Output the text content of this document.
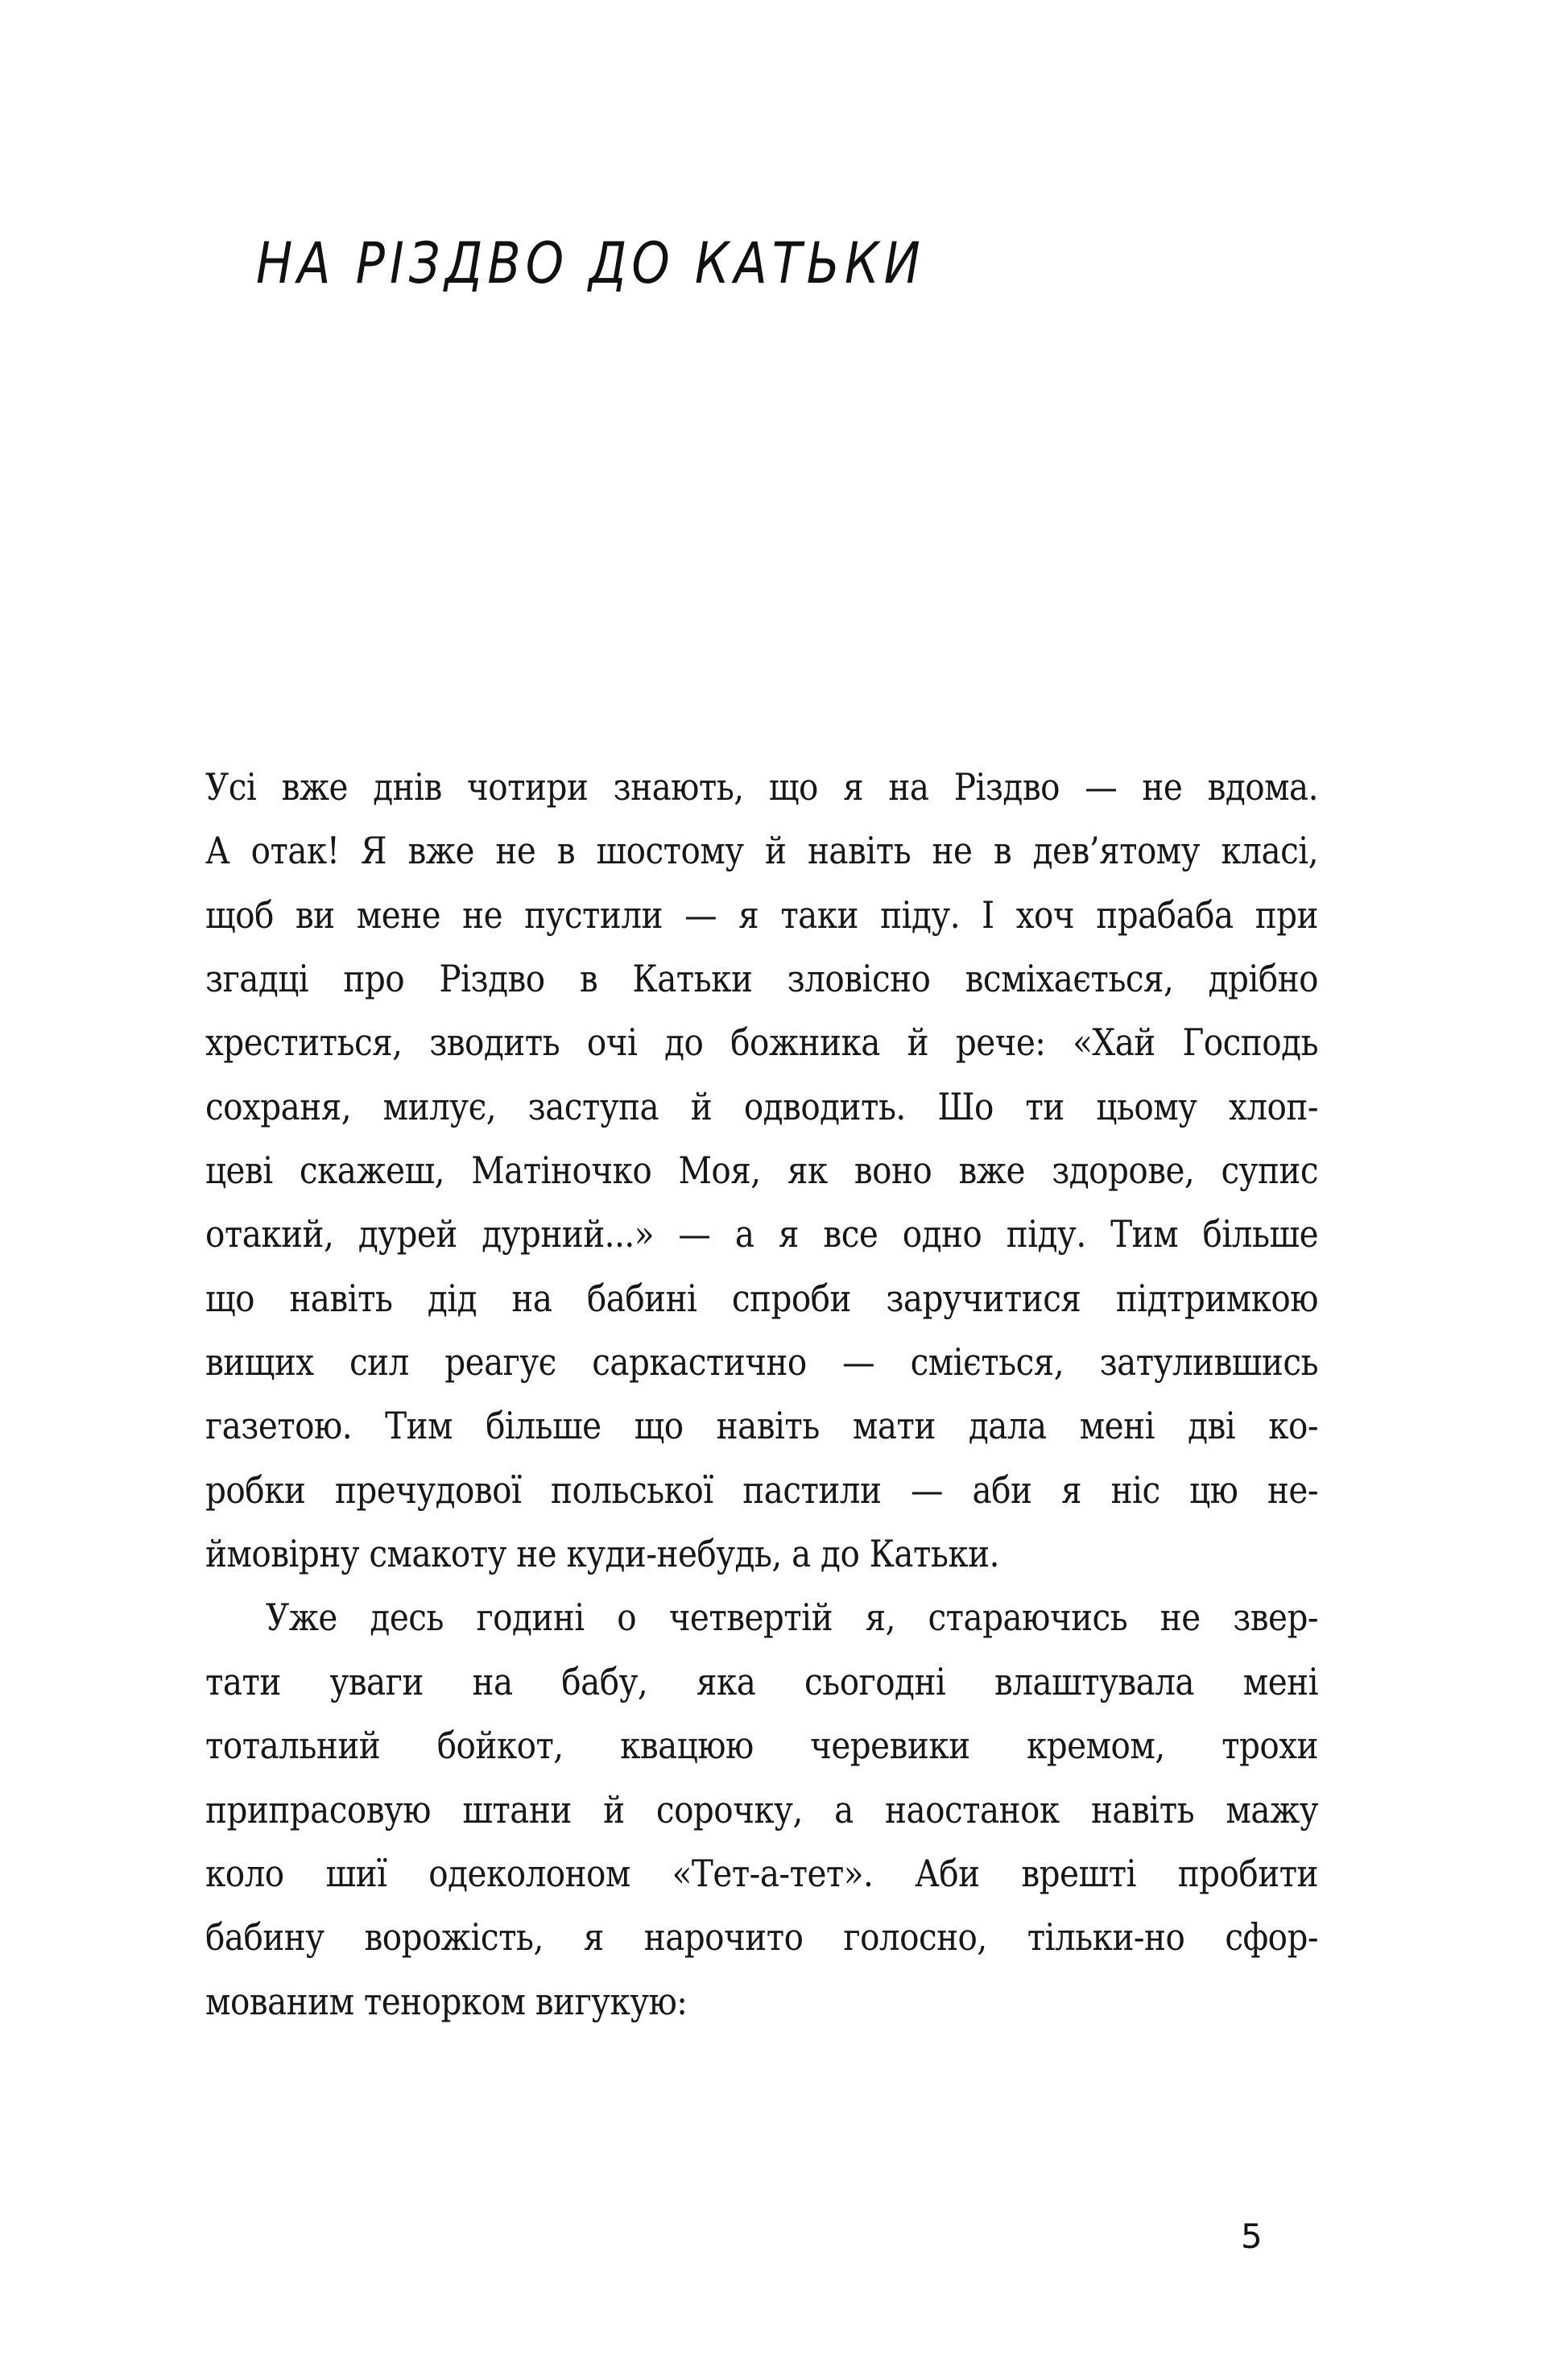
НА РІЗДВО ДО КАТЬКИ
Усі вже днів чотири знають, що я на Різдво — не вдома.
А отак! Я вже не в шостому й навіть не в дев’ятому класі,
щоб ви мене не пустили — я таки піду. І хоч прабаба при
згадці про Різдво в Катьки зловісно всміхається, дрібно
хреститься, зводить очі до божника й рече: «Хай Господь
сохраня, милує, заступа й одводить. Шо ти цьому хлоп-
цеві скажеш, Матіночко Моя, як воно вже здорове, супис
отакий, дурей дурний...» — а я все одно піду. Тим більше
що навіть дід на бабині спроби заручитися підтримкою
вищих сил реагує саркастично — сміється, затулившись
газетою. Тим більше що навіть мати дала мені дві ко-
робки пречудової польської пастили — аби я ніс цю не-
ймовірну смакоту не куди-небудь, а до Катьки.
Уже десь годині о четвертій я, стараючись не звер-
тати уваги на бабу, яка сьогодні влаштувала мені
тотальний бойкот, квацюю черевики кремом, трохи
припрасовую штани й сорочку, а наостанок навіть мажу
коло шиї одеколоном «Тет-а-тет». Аби врешті пробити
бабину ворожість, я нарочито голосно, тільки-но сфор-
мованим тенорком вигукую:
5
